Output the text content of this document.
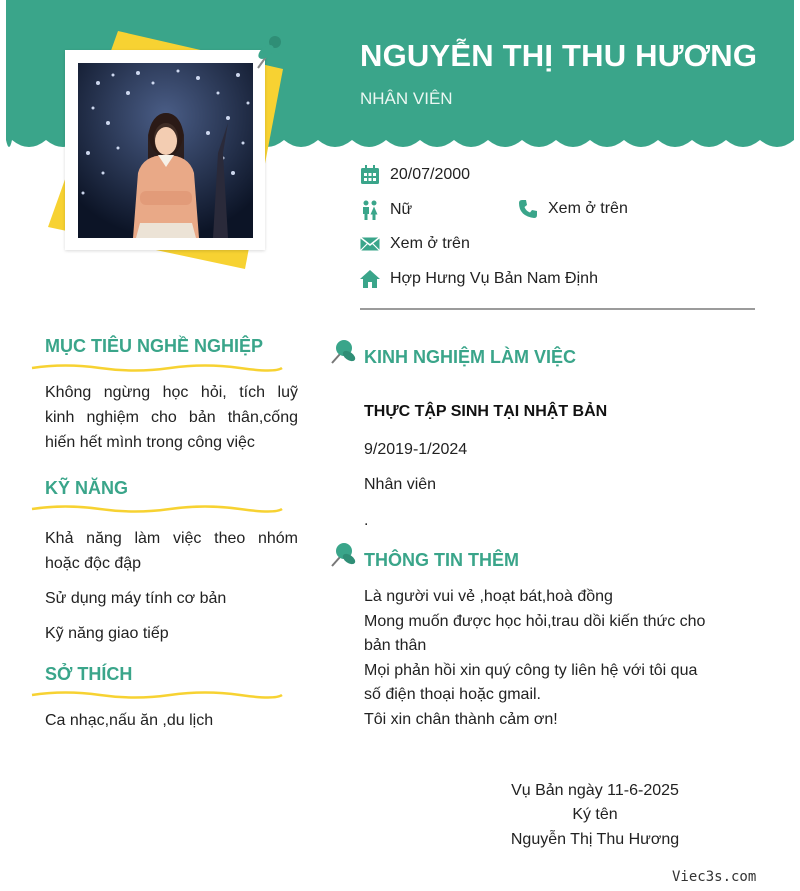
NGUYỄN THỊ THU HƯƠNG
NHÂN VIÊN
20/07/2000
Nữ	Xem ở trên
Xem ở trên
Hợp Hưng Vụ Bản Nam Định
MỤC TIÊU NGHỀ NGHIỆP
Không ngừng học hỏi, tích luỹ
kinh nghiệm cho bản thân,cống
hiến hết mình trong công việc
KỸ NĂNG
Khả năng làm việc theo nhóm
hoặc độc đập
Sử dụng máy tính cơ bản
Kỹ năng giao tiếp
SỞ THÍCH
Ca nhạc,nấu ăn ,du lịch
KINH NGHIỆM LÀM VIỆC
THỰC TẬP SINH TẠI NHẬT BẢN
9/2019-1/2024
Nhân viên
.
THÔNG TIN THÊM
Là người vui vẻ ,hoạt bát,hoà đồng
Mong muốn được học hỏi,trau dồi kiến thức cho
bản thân
Mọi phản hồi xin quý công ty liên hệ với tôi qua
số điện thoại hoặc gmail.
Tôi xin chân thành cảm ơn!
Vụ Bản ngày 11-6-2025
Ký tên
Nguyễn Thị Thu Hương
Viec3s.com
